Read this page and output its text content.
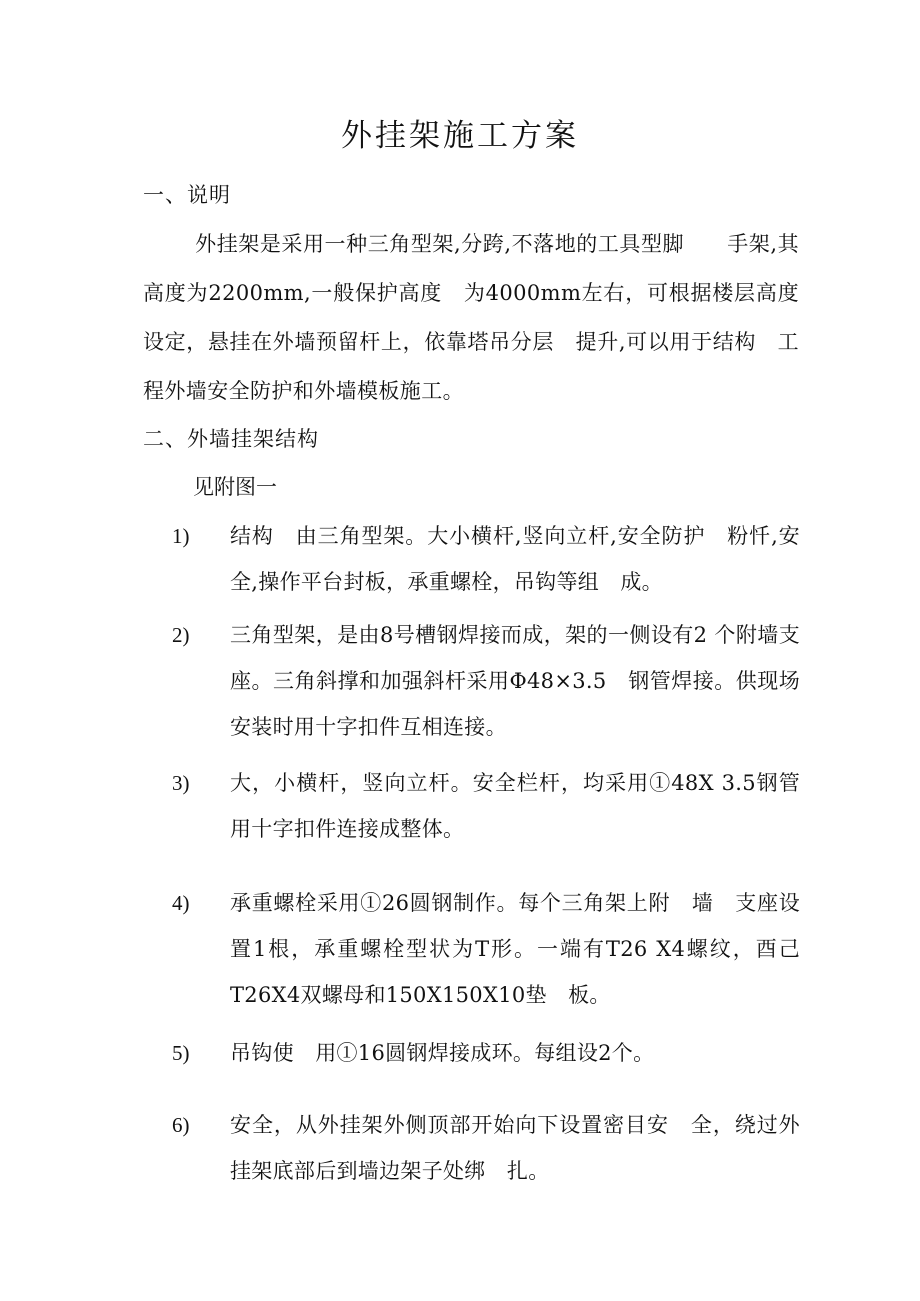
外挂架施工方案
一、说明
外挂架是采用一种三角型架,分跨,不落地的工具型脚　　手架,其高度为2200mm,一般保护高度　为4000mm左右，可根据楼层高度　设定，悬挂在外墙预留杆上，依靠塔吊分层　提升,可以用于结构　工程外墙安全防护和外墙模板施工。
二、外墙挂架结构
见附图一
1) 结构　由三角型架。大小横杆,竖向立杆,安全防护　粉忏,安全,操作平台封板，承重螺栓，吊钩等组　成。
2) 三角型架，是由8号槽钢焊接而成，架的一侧设有2 个附墙支座。三角斜撑和加强斜杆采用Φ48×3.5　钢管焊接。供现场安装时用十字扣件互相连接。
3) 大，小横杆，竖向立杆。安全栏杆，均采用①48X 3.5钢管用十字扣件连接成整体。
4) 承重螺栓采用①26圆钢制作。每个三角架上附　墙　支座设置1根，承重螺栓型状为T形。一端有T26 X4螺纹，酉己T26X4双螺母和150X150X10垫　板。
5) 吊钩使　用①16圆钢焊接成环。每组设2个。
6) 安全，从外挂架外侧顶部开始向下设置密目安　全，绕过外挂架底部后到墙边架子处绑　扎。
